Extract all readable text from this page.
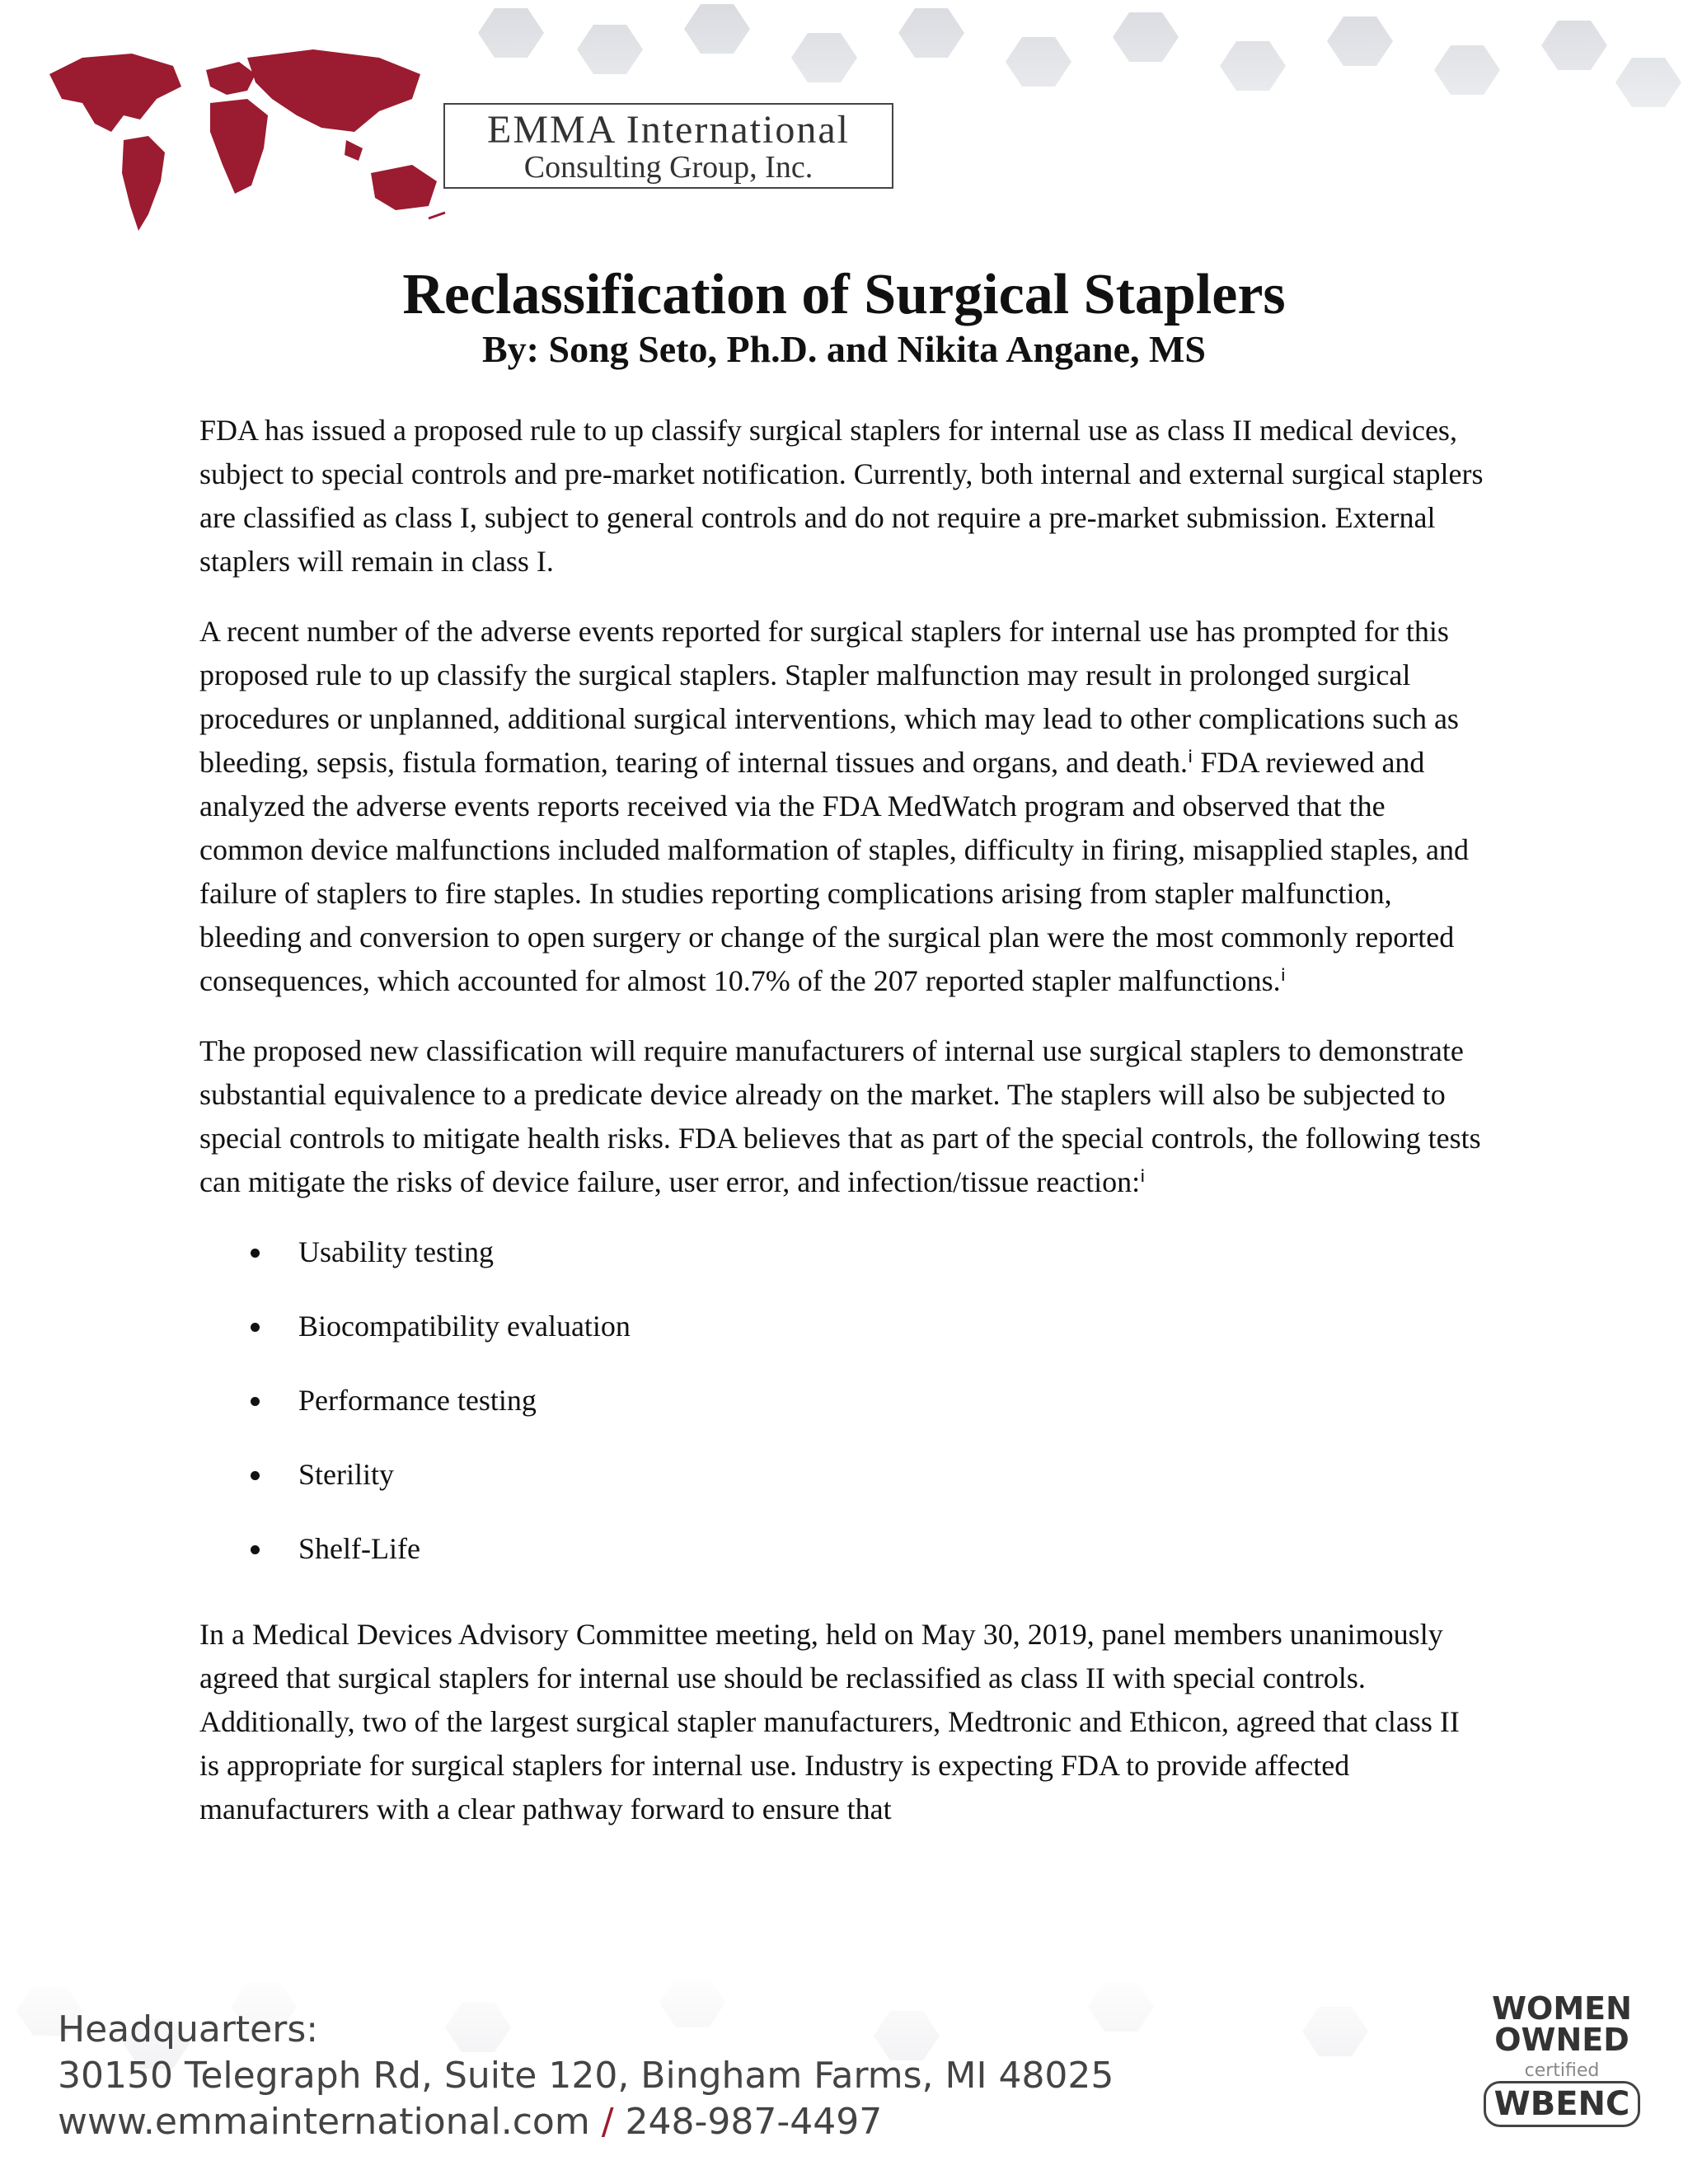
EMMA International
Consulting Group, Inc.
Reclassification of Surgical Staplers
By: Song Seto, Ph.D. and Nikita Angane, MS

FDA has issued a proposed rule to up classify surgical staplers for internal use as class II medical devices, subject to special controls and pre-market notification. Currently, both internal and external surgical staplers are classified as class I, subject to general controls and do not require a pre-market submission. External staplers will remain in class I.

A recent number of the adverse events reported for surgical staplers for internal use has prompted for this proposed rule to up classify the surgical staplers. Stapler malfunction may result in prolonged surgical procedures or unplanned, additional surgical interventions, which may lead to other complications such as bleeding, sepsis, fistula formation, tearing of internal tissues and organs, and death.ⁱ FDA reviewed and analyzed the adverse events reports received via the FDA MedWatch program and observed that the common device malfunctions included malformation of staples, difficulty in firing, misapplied staples, and failure of staplers to fire staples. In studies reporting complications arising from stapler malfunction, bleeding and conversion to open surgery or change of the surgical plan were the most commonly reported consequences, which accounted for almost 10.7% of the 207 reported stapler malfunctions.ⁱ

The proposed new classification will require manufacturers of internal use surgical staplers to demonstrate substantial equivalence to a predicate device already on the market. The staplers will also be subjected to special controls to mitigate health risks. FDA believes that as part of the special controls, the following tests can mitigate the risks of device failure, user error, and infection/tissue reaction:ⁱ

Usability testing
Biocompatibility evaluation
Performance testing
Sterility
Shelf-Life

In a Medical Devices Advisory Committee meeting, held on May 30, 2019, panel members unanimously agreed that surgical staplers for internal use should be reclassified as class II with special controls. Additionally, two of the largest surgical stapler manufacturers, Medtronic and Ethicon, agreed that class II is appropriate for surgical staplers for internal use. Industry is expecting FDA to provide affected manufacturers with a clear pathway forward to ensure that

Headquarters:
30150 Telegraph Rd, Suite 120, Bingham Farms, MI 48025
www.emmainternational.com / 248-987-4497
WOMEN
OWNED
certified
WBENC
